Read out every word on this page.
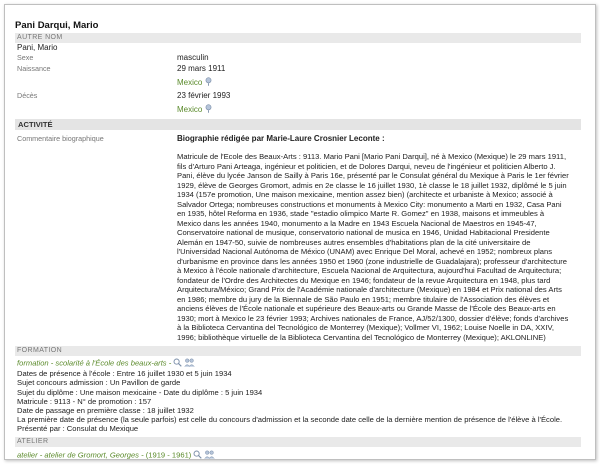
Pani Darqui, Mario
AUTRE NOM
Pani, Mario
Sexe	masculin
Naissance	29 mars 1911
Mexico
Décès	23 février 1993
Mexico
ACTIVITÉ
Commentaire biographique	Biographie rédigée par Marie-Laure Crosnier Leconte :
Matricule de l'Ecole des Beaux-Arts : 9113. Mario Pani [Mario Pani Darqui], né à Mexico (Mexique) le 29 mars 1911, fils d'Arturo Pani Arteaga, ingénieur et politicien, et de Dolores Darqui, neveu de l'ingénieur et politicien Alberto J. Pani, élève du lycée Janson de Sailly à Paris 16e, présenté par le Consulat général du Mexique à Paris le 1er février 1929, élève de Georges Gromort, admis en 2e classe le 16 juillet 1930, 1è classe le 18 juillet 1932, diplômé le 5 juin 1934 (157e promotion, Une maison mexicaine, mention assez bien) (architecte et urbaniste à Mexico; associé à Salvador Ortega; nombreuses constructions et monuments à Mexico City: monumento a Marti en 1932, Casa Pani en 1935, hôtel Reforma en 1936, stade "estadio olimpico Marte R. Gomez" en 1938, maisons et immeubles à Mexico dans les années 1940, monumento a la Madre en 1943 Escuela Nacional de Maestros en 1945-47, Conservatoire national de musique, conservatorio national de musica en 1946, Unidad Habitacional Presidente Alemán en 1947-50, suivie de nombreuses autres ensembles d'habitations plan de la cité universitaire de l'Universidad Nacional Autónoma de México (UNAM) avec Enrique Del Moral, achevé en 1952; nombreux plans d'urbanisme en province dans les années 1950 et 1960 (zone industrielle de Guadalajara); professeur d'architecture à Mexico à l'école nationale d'architecture, Escuela Nacional de Arquitectura, aujourd'hui Facultad de Arquitectura; fondateur de l'Ordre des Architectes du Mexique en 1946; fondateur de la revue Arquitectura en 1948, plus tard Arquitectura/México; Grand Prix de l'Académie nationale d'architecture (Mexique) en 1984 et Prix national des Arts en 1986; membre du jury de la Biennale de São Paulo en 1951; membre titulaire de l'Association des élèves et anciens élèves de l'École nationale et supérieure des Beaux-arts ou Grande Masse de l'École des Beaux-arts en 1930; mort à Mexico le 23 février 1993; Archives nationales de France, AJ/52/1300, dossier d'élève; fonds d'archives à la Biblioteca Cervantina del Tecnológico de Monterrey (Mexique); Vollmer VI, 1962; Louise Noelle in DA, XXIV, 1996; bibliothèque virtuelle de la Biblioteca Cervantina del Tecnológico de Monterrey (Mexique); AKLONLINE)
FORMATION
formation - scolarité à l'École des beaux-arts -
Dates de présence à l'école : Entre 16 juillet 1930 et 5 juin 1934
Sujet concours admission : Un Pavillon de garde
Sujet du diplôme : Une maison mexicaine - Date du diplôme : 5 juin 1934
Matricule : 9113 - N° de promotion : 157
Date de passage en première classe : 18 juillet 1932
La première date de présence (la seule parfois) est celle du concours d'admission et la seconde date celle de la dernière mention de présence de l'élève à l'École. Présenté par : Consulat du Mexique
ATELIER
atelier - atelier de Gromort, Georges - (1919 - 1961)
